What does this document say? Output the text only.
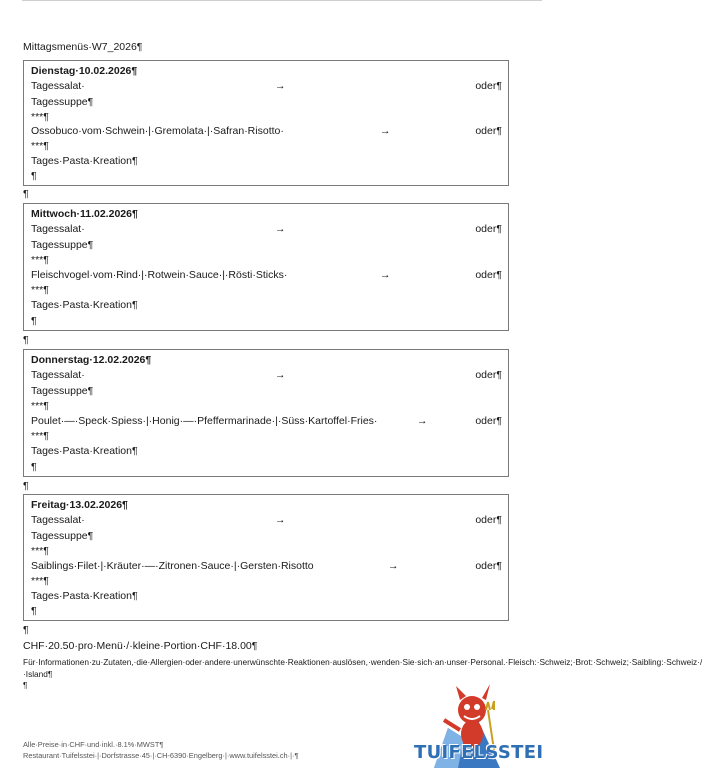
Mittagsmenüs·W7_2026¶
Dienstag·10.02.2026¶
Tagessalat·	→	oder¶
Tagessuppe¶
***¶
Ossobuco·vom·Schwein·|·Gremolata·|·Safran·Risotto·	→	oder¶
***¶
Tages·Pasta·Kreation¶
¶
¶
Mittwoch·11.02.2026¶
Tagessalat·	→	oder¶
Tagessuppe¶
***¶
Fleischvogel·vom·Rind·|·Rotwein·Sauce·|·Rösti·Sticks·	→	oder¶
***¶
Tages·Pasta·Kreation¶
¶
¶
Donnerstag·12.02.2026¶
Tagessalat·	→	oder¶
Tagessuppe¶
***¶
Poulet·—·Speck·Spiess·|·Honig·—·Pfeffermarinade·|·Süss·Kartoffel·Fries·	→	oder¶
***¶
Tages·Pasta·Kreation¶
¶
¶
Freitag·13.02.2026¶
Tagessalat·	→	oder¶
Tagessuppe¶
***¶
Saiblings·Filet·|·Kräuter·—·Zitronen·Sauce·|·Gersten·Risotto	→	oder¶
***¶
Tages·Pasta·Kreation¶
¶
¶
CHF·20.50·pro·Menü·/·kleine·Portion·CHF·18.00¶
Für·Informationen·zu·Zutaten,·die·Allergien·oder·andere·unerwünschte·Reaktionen·auslösen,·wenden·Sie·sich·an·unser·Personal.·Fleisch:·Schweiz;·Brot:·Schweiz;·Saibling:·Schweiz·/·Island¶
¶
TUIFELSSTEI
Alle·Preise·in·CHF·und·inkl.·8.1%·MWST¶
Restaurant·Tuifelsstei·|·Dorfstrasse·45·|·CH-6390·Engelberg·|·www.tuifelsstei.ch·|·¶
